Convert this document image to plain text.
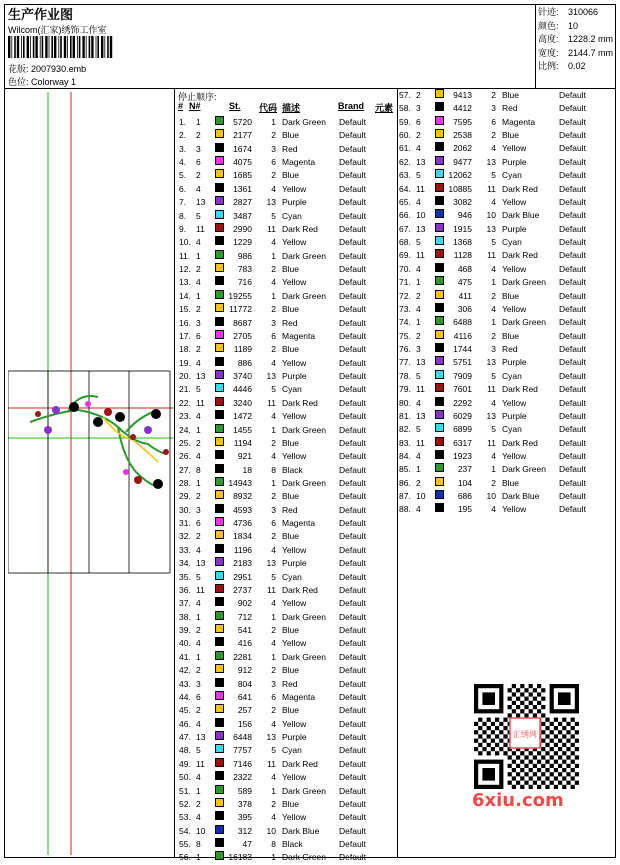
生产作业图
Wilcom(汇家)绣饰工作室
花版: 2007930.emb
色位: Colorway 1
针迹: 310066
颜色: 10
高度: 1228.2 mm
宽度: 2144.7 mm
比例: 0.02
停止顺序:
# N#	St. 代码 描述	Brand 元素
1. 1	5720	1 Dark Green Default
2. 2	2177	2 Blue	Default
3. 3	1674	3 Red	Default
4. 6	4075	6 Magenta	Default
5. 2	1685	2 Blue	Default
6. 4	1361	4 Yellow	Default
7. 13	2827	13 Purple	Default
8. 5	3487	5 Cyan	Default
9. 11	2990	11 Dark Red Default
10. 4	1229	4 Yellow	Default
11. 1	986	1 Dark Green Default
12. 2	783	2 Blue	Default
13. 4	716	4 Yellow	Default
14. 1	19255	1 Dark Green Default
15. 2	11772	2 Blue	Default
16. 3	8687	3 Red	Default
17. 6	2705	6 Magenta	Default
18. 2	1189	2 Blue	Default
19. 4	886	4 Yellow	Default
20. 13	3740	13 Purple	Default
21. 5	4446	5 Cyan	Default
22. 11	3240	11 Dark Red Default
23. 4	1472	4 Yellow	Default
24. 1	1455	1 Dark Green Default
25. 2	1194	2 Blue	Default
26. 4	921	4 Yellow	Default
27. 8	18	8 Black	Default
28. 1	14943	1 Dark Green Default
29. 2	8932	2 Blue	Default
30. 3	4593	3 Red	Default
31. 6	4736	6 Magenta	Default
32. 2	1834	2 Blue	Default
33. 4	1196	4 Yellow	Default
34. 13	2183	13 Purple	Default
35. 5	2951	5 Cyan	Default
36. 11	2737	11 Dark Red Default
37. 4	902	4 Yellow	Default
38. 1	712	1 Dark Green Default
39. 2	541	2 Blue	Default
40. 4	416	4 Yellow	Default
41. 1	2281	1 Dark Green Default
42. 2	912	2 Blue	Default
43. 3	804	3 Red	Default
44. 6	641	6 Magenta	Default
45. 2	257	2 Blue	Default
46. 4	156	4 Yellow	Default
47. 13	6448	13 Purple	Default
48. 5	7757	5 Cyan	Default
49. 11	7146	11 Dark Red Default
50. 4	2322	4 Yellow	Default
51. 1	589	1 Dark Green Default
52. 2	378	2 Blue	Default
53. 4	395	4 Yellow	Default
54. 10	312	10 Dark Blue Default
55. 8	47	8 Black	Default
56. 1	16183	1 Dark Green Default
57. 2	9413	2 Blue	Default
58. 3	4412	3 Red	Default
59. 6	7595	6 Magenta	Default
60. 2	2538	2 Blue	Default
61. 4	2062	4 Yellow	Default
62. 13	9477	13 Purple	Default
63. 5	12062	5 Cyan	Default
64. 11	10885	11 Dark Red Default
65. 4	3082	4 Yellow	Default
66. 10	946	10 Dark Blue Default
67. 13	1915	13 Purple	Default
68. 5	1368	5 Cyan	Default
69. 11	1128	11 Dark Red Default
70. 4	468	4 Yellow	Default
71. 1	475	1 Dark Green Default
72. 2	411	2 Blue	Default
73. 4	306	4 Yellow	Default
74. 1	6488	1 Dark Green Default
75. 2	4116	2 Blue	Default
76. 3	1744	3 Red	Default
77. 13	5751	13 Purple	Default
78. 5	7909	5 Cyan	Default
79. 11	7601	11 Dark Red Default
80. 4	2292	4 Yellow	Default
81. 13	6029	13 Purple	Default
82. 5	6899	5 Cyan	Default
83. 11	6317	11 Dark Red Default
84. 4	1923	4 Yellow	Default
85. 1	237	1 Dark Green Default
86. 2	104	2 Blue	Default
87. 10	686	10 Dark Blue Default
88. 4	195	4 Yellow	Default
汇绣网
6xiu.com
